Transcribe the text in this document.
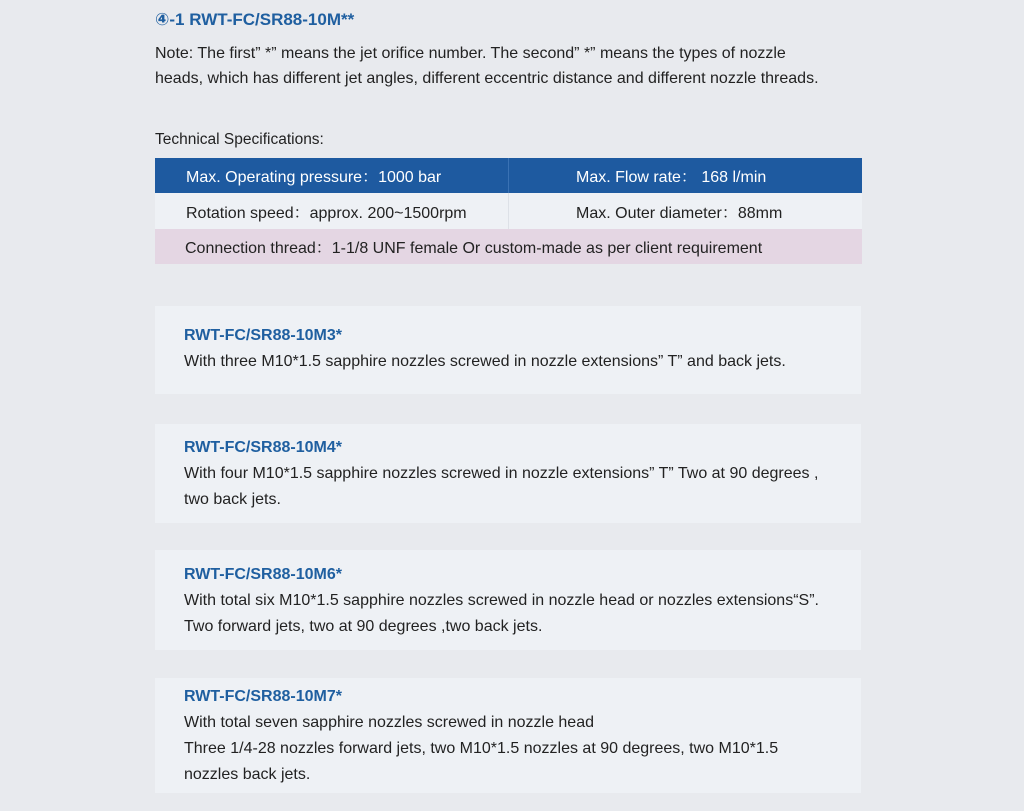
④-1 RWT-FC/SR88-10M**
Note: The first” *” means the jet orifice number. The second” *” means the types of nozzle
heads, which has different jet angles, different eccentric distance and different nozzle threads.
Technical Specifications:
Max. Operating pressure：1000 bar	Max. Flow rate： 168 l/min
Rotation speed：approx. 200~1500rpm	Max. Outer diameter：88mm
Connection thread：1-1/8 UNF female Or custom-made as per client requirement
RWT-FC/SR88-10M3*
With three M10*1.5 sapphire nozzles screwed in nozzle extensions” T” and back jets.
RWT-FC/SR88-10M4*
With four M10*1.5 sapphire nozzles screwed in nozzle extensions” T” Two at 90 degrees ,
two back jets.
RWT-FC/SR88-10M6*
With total six M10*1.5 sapphire nozzles screwed in nozzle head or nozzles extensions“S”.
Two forward jets, two at 90 degrees ,two back jets.
RWT-FC/SR88-10M7*
With total seven sapphire nozzles screwed in nozzle head
Three 1/4-28 nozzles forward jets, two M10*1.5 nozzles at 90 degrees, two M10*1.5
nozzles back jets.
